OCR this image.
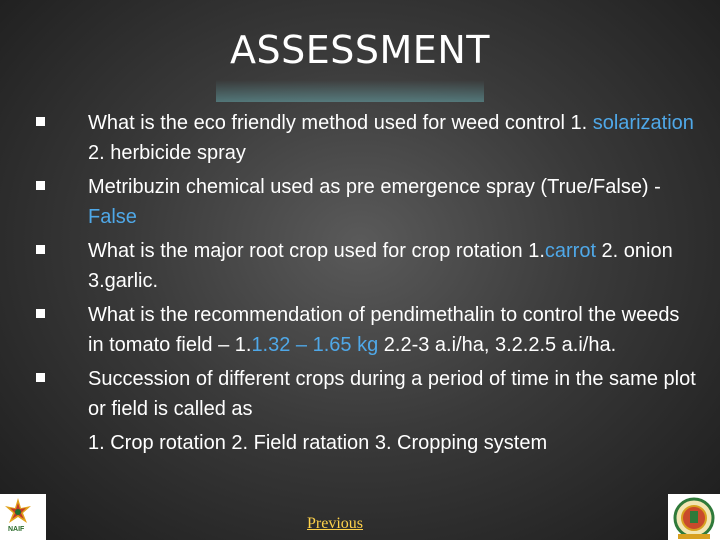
ASSESSMENT
What is the eco friendly method used for weed control 1. solarization 2. herbicide spray
Metribuzin chemical used as pre emergence spray (True/False) - False
What is the major root crop used for crop rotation 1.carrot 2. onion 3.garlic.
What is the recommendation of pendimethalin to control the weeds in tomato field – 1.1.32 – 1.65 kg 2.2-3 a.i/ha, 3.2.2.5 a.i/ha.
Succession of different crops during a period of time in the same plot or field is called as
1. Crop rotation 2. Field ratation 3. Cropping system
NAIF	Previous
